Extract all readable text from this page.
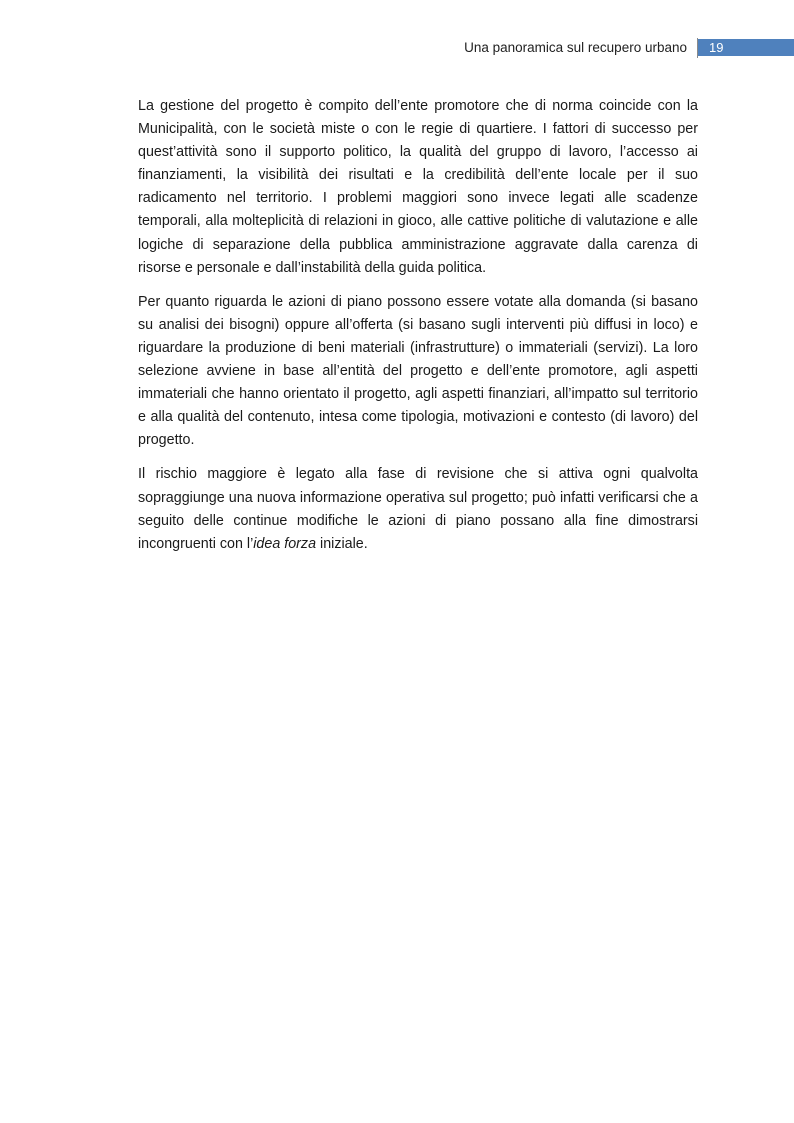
Una panoramica sul recupero urbano 19

La gestione del progetto è compito dell’ente promotore che di norma coincide con la Municipalità, con le società miste o con le regie di quartiere. I fattori di successo per quest’attività sono il supporto politico, la qualità del gruppo di lavoro, l’accesso ai finanziamenti, la visibilità dei risultati e la credibilità dell’ente locale per il suo radicamento nel territorio. I problemi maggiori sono invece legati alle scadenze temporali, alla molteplicità di relazioni in gioco, alle cattive politiche di valutazione e alle logiche di separazione della pubblica amministrazione aggravate dalla carenza di risorse e personale e dall’instabilità della guida politica.

Per quanto riguarda le azioni di piano possono essere votate alla domanda (si basano su analisi dei bisogni) oppure all’offerta (si basano sugli interventi più diffusi in loco) e riguardare la produzione di beni materiali (infrastrutture) o immateriali (servizi). La loro selezione avviene in base all’entità del progetto e dell’ente promotore, agli aspetti immateriali che hanno orientato il progetto, agli aspetti finanziari, all’impatto sul territorio e alla qualità del contenuto, intesa come tipologia, motivazioni e contesto (di lavoro) del progetto.

Il rischio maggiore è legato alla fase di revisione che si attiva ogni qualvolta sopraggiunge una nuova informazione operativa sul progetto; può infatti verificarsi che a seguito delle continue modifiche le azioni di piano possano alla fine dimostrarsi incongruenti con l’idea forza iniziale.
